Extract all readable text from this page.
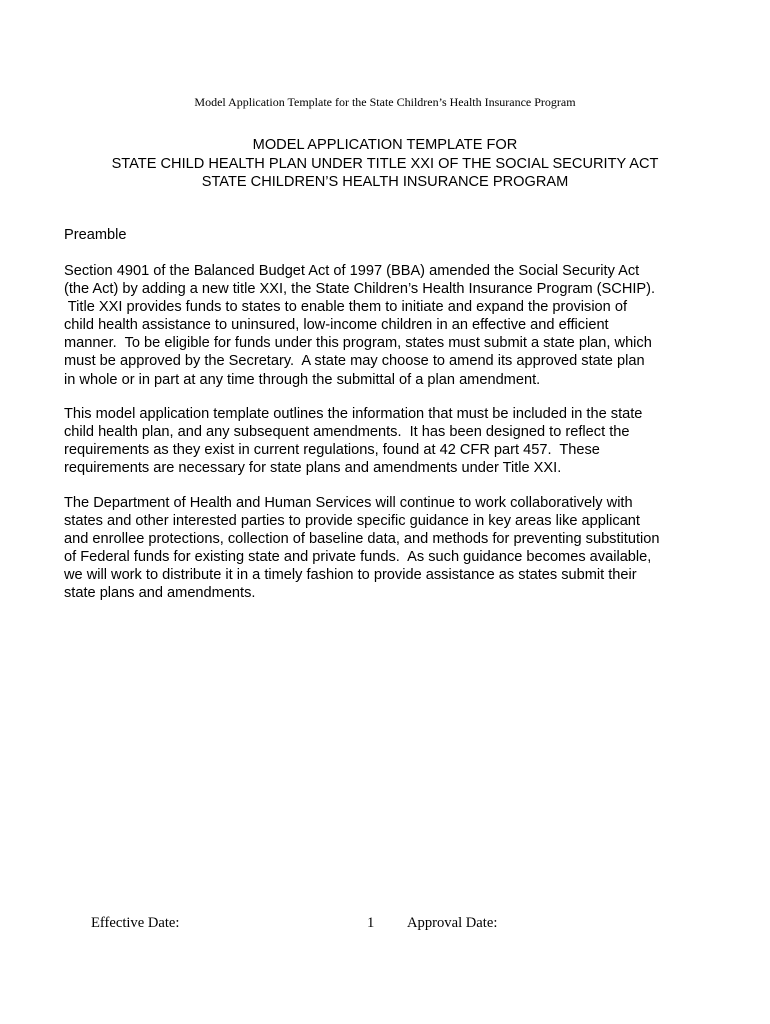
Model Application Template for the State Children’s Health Insurance Program
MODEL APPLICATION TEMPLATE FOR
STATE CHILD HEALTH PLAN UNDER TITLE XXI OF THE SOCIAL SECURITY ACT
STATE CHILDREN’S HEALTH INSURANCE PROGRAM
Preamble
Section 4901 of the Balanced Budget Act of 1997 (BBA) amended the Social Security Act
(the Act) by adding a new title XXI, the State Children’s Health Insurance Program (SCHIP).
Title XXI provides funds to states to enable them to initiate and expand the provision of
child health assistance to uninsured, low-income children in an effective and efficient
manner.  To be eligible for funds under this program, states must submit a state plan, which
must be approved by the Secretary.  A state may choose to amend its approved state plan
in whole or in part at any time through the submittal of a plan amendment.
This model application template outlines the information that must be included in the state
child health plan, and any subsequent amendments.  It has been designed to reflect the
requirements as they exist in current regulations, found at 42 CFR part 457.  These
requirements are necessary for state plans and amendments under Title XXI.
The Department of Health and Human Services will continue to work collaboratively with
states and other interested parties to provide specific guidance in key areas like applicant
and enrollee protections, collection of baseline data, and methods for preventing substitution
of Federal funds for existing state and private funds.  As such guidance becomes available,
we will work to distribute it in a timely fashion to provide assistance as states submit their
state plans and amendments.
Effective Date:	1 Approval Date:
